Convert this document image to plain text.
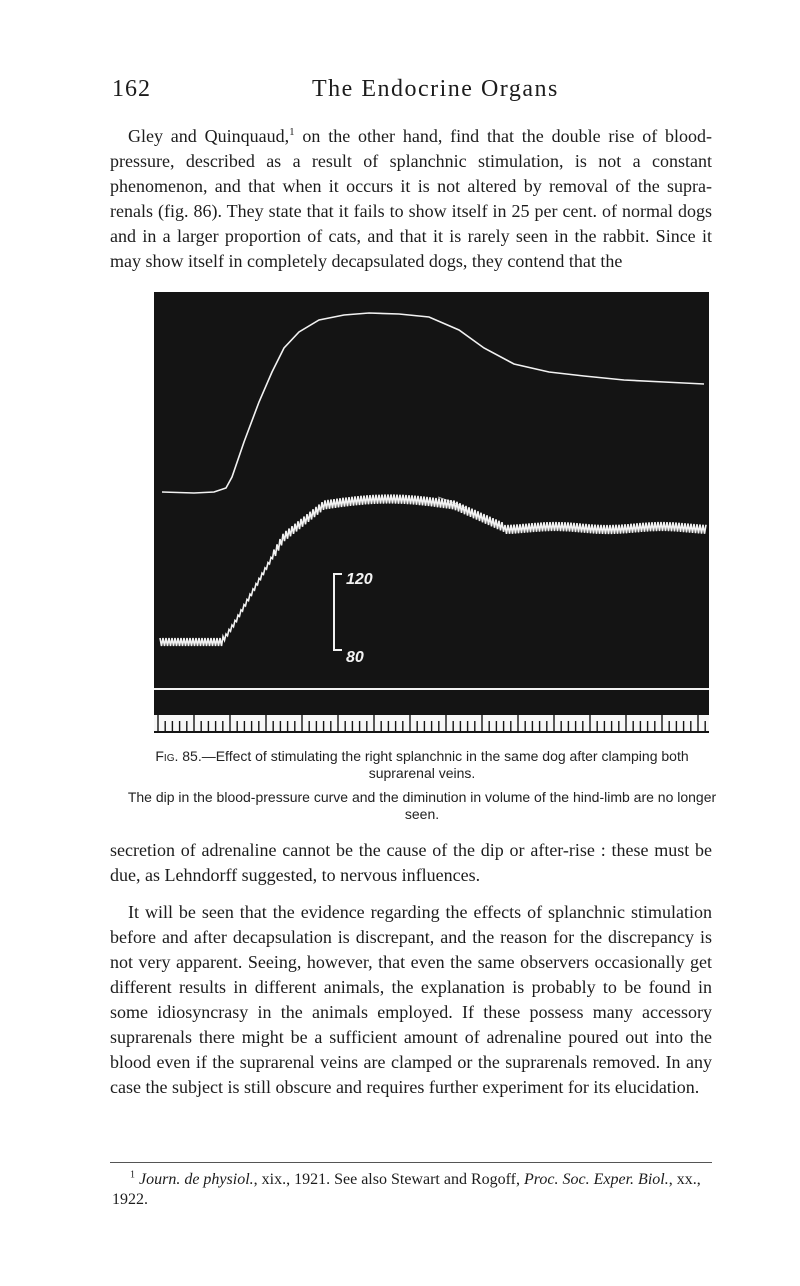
162	The Endocrine Organs

Gley and Quinquaud,$^1$ on the other hand, find that the double rise of blood-pressure, described as a result of splanchnic stimulation, is not a constant phenomenon, and that when it occurs it is not altered by removal of the supra-renals (fig. 86). They state that it fails to show itself in 25 per cent. of normal dogs and in a larger proportion of cats, and that it is rarely seen in the rabbit. Since it may show itself in completely decapsulated dogs, they contend that the

120
80
Fig. 85.—Effect of stimulating the right splanchnic in the same dog after clamping both suprarenal veins.
The dip in the blood-pressure curve and the diminution in volume of the hind-limb are no longer seen.

secretion of adrenaline cannot be the cause of the dip or after-rise : these must be due, as Lehndorff suggested, to nervous influences.

It will be seen that the evidence regarding the effects of splanchnic stimulation before and after decapsulation is discrepant, and the reason for the discrepancy is not very apparent. Seeing, however, that even the same observers occasionally get different results in different animals, the explanation is probably to be found in some idiosyncrasy in the animals employed. If these possess many accessory suprarenals there might be a sufficient amount of adrenaline poured out into the blood even if the suprarenal veins are clamped or the suprarenals removed. In any case the subject is still obscure and requires further experiment for its elucidation.

$^1$ Journ. de physiol., xix., 1921. See also Stewart and Rogoff, Proc. Soc. Exper. Biol., xx., 1922.
